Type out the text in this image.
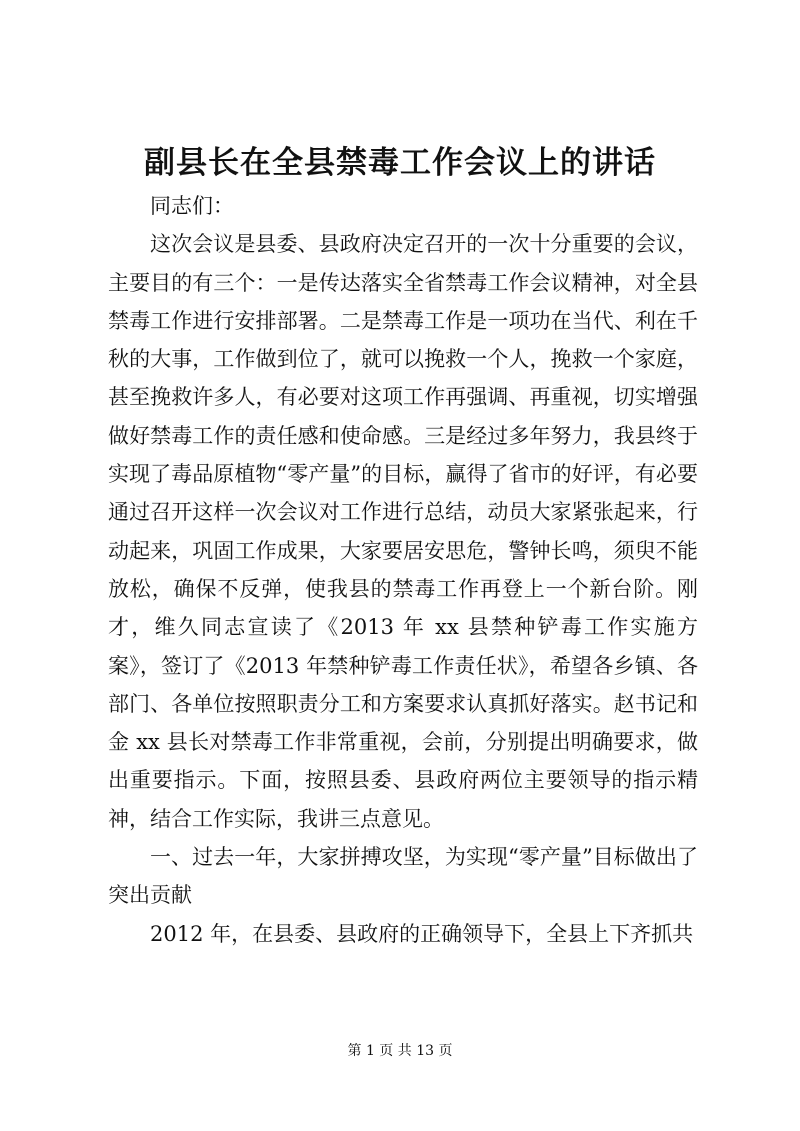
副县长在全县禁毒工作会议上的讲话

同志们：

这次会议是县委、县政府决定召开的一次十分重要的会议，主要目的有三个：一是传达落实全省禁毒工作会议精神，对全县禁毒工作进行安排部署。二是禁毒工作是一项功在当代、利在千秋的大事，工作做到位了，就可以挽救一个人，挽救一个家庭，甚至挽救许多人，有必要对这项工作再强调、再重视，切实增强做好禁毒工作的责任感和使命感。三是经过多年努力，我县终于实现了毒品原植物“零产量”的目标，赢得了省市的好评，有必要通过召开这样一次会议对工作进行总结，动员大家紧张起来，行动起来，巩固工作成果，大家要居安思危，警钟长鸣，须臾不能放松，确保不反弹，使我县的禁毒工作再登上一个新台阶。刚才，维久同志宣读了《2013 年 xx 县禁种铲毒工作实施方案》，签订了《2013 年禁种铲毒工作责任状》，希望各乡镇、各部门、各单位按照职责分工和方案要求认真抓好落实。赵书记和金 xx 县长对禁毒工作非常重视，会前，分别提出明确要求，做出重要指示。下面，按照县委、县政府两位主要领导的指示精神，结合工作实际，我讲三点意见。

一、过去一年，大家拼搏攻坚，为实现“零产量”目标做出了突出贡献

2012 年，在县委、县政府的正确领导下，全县上下齐抓共

第 1 页 共 13 页
